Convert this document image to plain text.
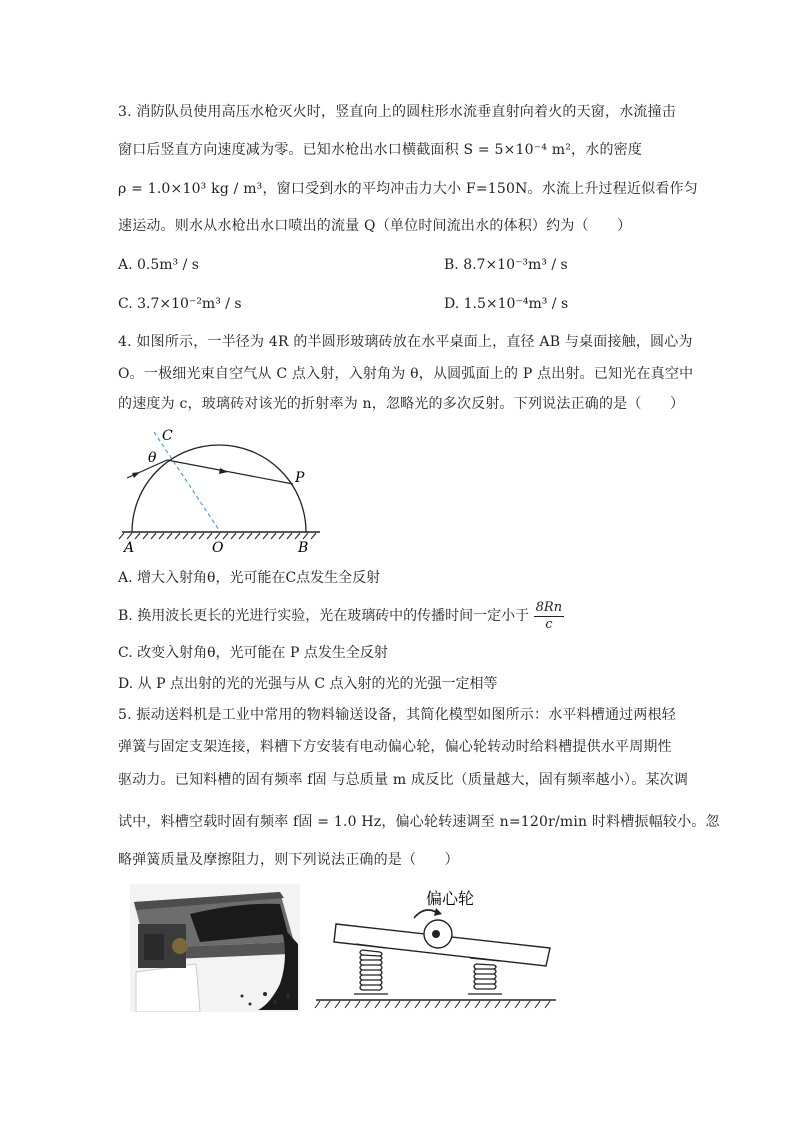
3. 消防队员使用高压水枪灭火时，竖直向上的圆柱形水流垂直射向着火的天窗，水流撞击
窗口后竖直方向速度减为零。已知水枪出水口横截面积 S = 5×10⁻⁴ m²，水的密度
ρ = 1.0×10³ kg / m³，窗口受到水的平均冲击力大小 F=150N。水流上升过程近似看作匀
速运动。则水从水枪出水口喷出的流量 Q（单位时间流出水的体积）约为（　　）
A. 0.5m³ / s	B. 8.7×10⁻³m³ / s
C. 3.7×10⁻²m³ / s	D. 1.5×10⁻⁴m³ / s
4. 如图所示，一半径为 4R 的半圆形玻璃砖放在水平桌面上，直径 AB 与桌面接触，圆心为
O。一极细光束自空气从 C 点入射，入射角为 θ，从圆弧面上的 P 点出射。已知光在真空中
的速度为 c，玻璃砖对该光的折射率为 n，忽略光的多次反射。下列说法正确的是（　　）
C
θ
P
A	O	B
A. 增大入射角θ，光可能在C点发生全反射
B. 换用波长更长的光进行实验，光在玻璃砖中的传播时间一定小于 $\frac{8Rn}{c}$
C. 改变入射角θ，光可能在 P 点发生全反射
D. 从 P 点出射的光的光强与从 C 点入射的光的光强一定相等
5. 振动送料机是工业中常用的物料输送设备，其简化模型如图所示：水平料槽通过两根轻
弹簧与固定支架连接，料槽下方安装有电动偏心轮，偏心轮转动时给料槽提供水平周期性
驱动力。已知料槽的固有频率 f固 与总质量 m 成反比（质量越大，固有频率越小）。某次调
试中，料槽空载时固有频率 f固 = 1.0 Hz，偏心轮转速调至 n=120r/min 时料槽振幅较小。忽
略弹簧质量及摩擦阻力，则下列说法正确的是（　　）
偏心轮
